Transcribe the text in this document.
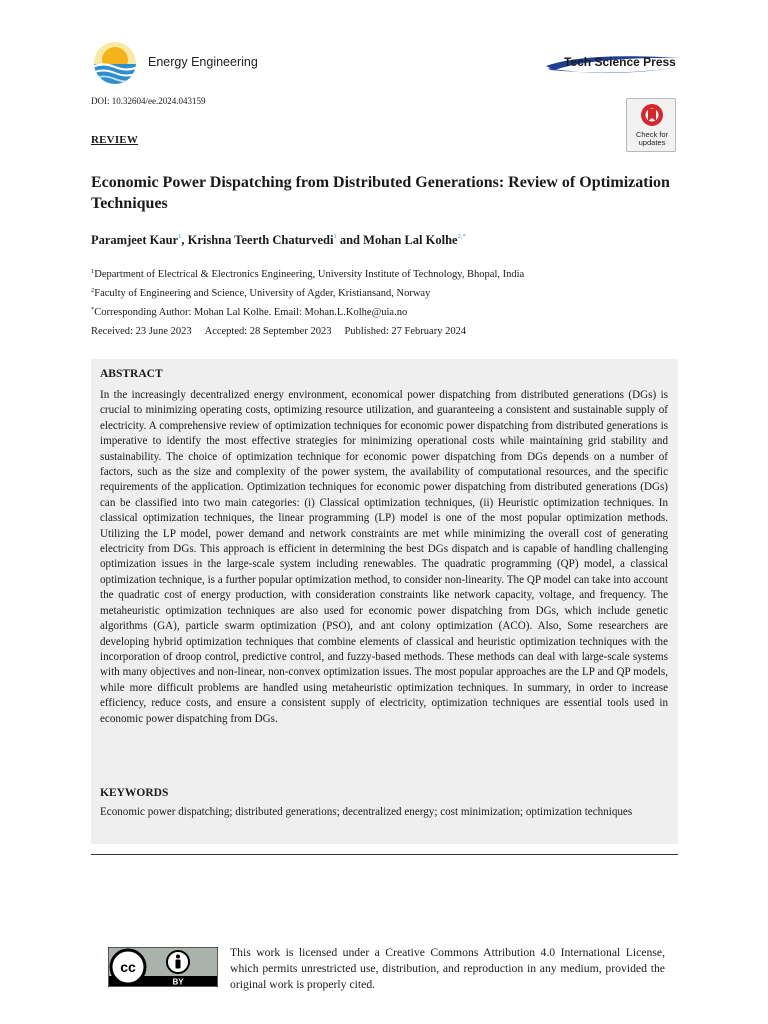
Energy Engineering	Tech Science Press
DOI: 10.32604/ee.2024.043159
REVIEW	Check for
updates
Economic Power Dispatching from Distributed Generations: Review of Optimization Techniques
Paramjeet Kaur$^1$, Krishna Teerth Chaturvedi$^1$ and Mohan Lal Kolhe$^{2,*}$
$^1$Department of Electrical & Electronics Engineering, University Institute of Technology, Bhopal, India
$^2$Faculty of Engineering and Science, University of Agder, Kristiansand, Norway
*Corresponding Author: Mohan Lal Kolhe. Email: Mohan.L.Kolhe@uia.no
Received: 23 June 2023 Accepted: 28 September 2023 Published: 27 February 2024
ABSTRACT
In the increasingly decentralized energy environment, economical power dispatching from distributed generations (DGs) is crucial to minimizing operating costs, optimizing resource utilization, and guaranteeing a consistent and sustainable supply of electricity. A comprehensive review of optimization techniques for economic power dispatching from distributed generations is imperative to identify the most effective strategies for minimizing operational costs while maintaining grid stability and sustainability. The choice of optimization technique for economic power dispatching from DGs depends on a number of factors, such as the size and complexity of the power system, the availability of computational resources, and the specific requirements of the application. Optimization techniques for economic power dispatching from distributed generations (DGs) can be classified into two main categories: (i) Classical optimization techniques, (ii) Heuristic optimization techniques. In classical optimization techniques, the linear programming (LP) model is one of the most popular optimization methods. Utilizing the LP model, power demand and network constraints are met while minimizing the overall cost of generating electricity from DGs. This approach is efficient in determining the best DGs dispatch and is capable of handling challenging optimization issues in the large-scale system including renewables. The quadratic programming (QP) model, a classical optimization technique, is a further popular optimization method, to consider non-linearity. The QP model can take into account the quadratic cost of energy production, with consideration constraints like network capacity, voltage, and frequency. The metaheuristic optimization techniques are also used for economic power dispatching from DGs, which include genetic algorithms (GA), particle swarm optimization (PSO), and ant colony optimization (ACO). Also, Some researchers are developing hybrid optimization techniques that combine elements of classical and heuristic optimization techniques with the incorporation of droop control, predictive control, and fuzzy-based methods. These methods can deal with large-scale systems with many objectives and non-linear, non-convex optimization issues. The most popular approaches are the LP and QP models, while more difficult problems are handled using metaheuristic optimization techniques. In summary, in order to increase efficiency, reduce costs, and ensure a consistent supply of electricity, optimization techniques are essential tools used in economic power dispatching from DGs.
KEYWORDS
Economic power dispatching; distributed generations; decentralized energy; cost minimization; optimization techniques
cc
BY
This work is licensed under a Creative Commons Attribution 4.0 International License, which permits unrestricted use, distribution, and reproduction in any medium, provided the original work is properly cited.
